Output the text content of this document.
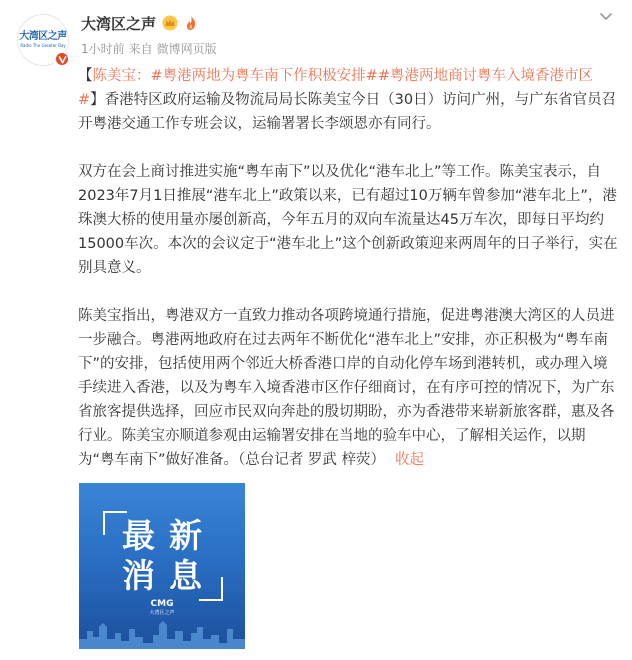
大湾区之声
Radio The Greater Bay
大湾区之声
1小时前 来自 微博网页版

【陈美宝：#粤港两地为粤车南下作积极安排##粤港两地商讨粤车入境香港市区#】香港特区政府运输及物流局局长陈美宝今日（30日）访问广州，与广东省官员召开粤港交通工作专班会议，运输署署长李颂恩亦有同行。

双方在会上商讨推进实施“粤车南下”以及优化“港车北上”等工作。陈美宝表示，自2023年7月1日推展“港车北上”政策以来，已有超过10万辆车曾参加“港车北上”，港珠澳大桥的使用量亦屡创新高，今年五月的双向车流量达45万车次，即每日平均约15000车次。本次的会议定于“港车北上”这个创新政策迎来两周年的日子举行，实在别具意义。

陈美宝指出，粤港双方一直致力推动各项跨境通行措施，促进粤港澳大湾区的人员进一步融合。粤港两地政府在过去两年不断优化“港车北上”安排，亦正积极为“粤车南下”的安排，包括使用两个邻近大桥香港口岸的自动化停车场到港转机，或办理入境手续进入香港，以及为粤车入境香港市区作仔细商讨，在有序可控的情况下，为广东省旅客提供选择，回应市民双向奔赴的殷切期盼，亦为香港带来崭新旅客群，惠及各行业。陈美宝亦顺道参观由运输署安排在当地的验车中心，了解相关运作，以期为“粤车南下”做好准备。（总台记者 罗武 梓荧） 收起

最新
消息
CMG
大湾区之声
